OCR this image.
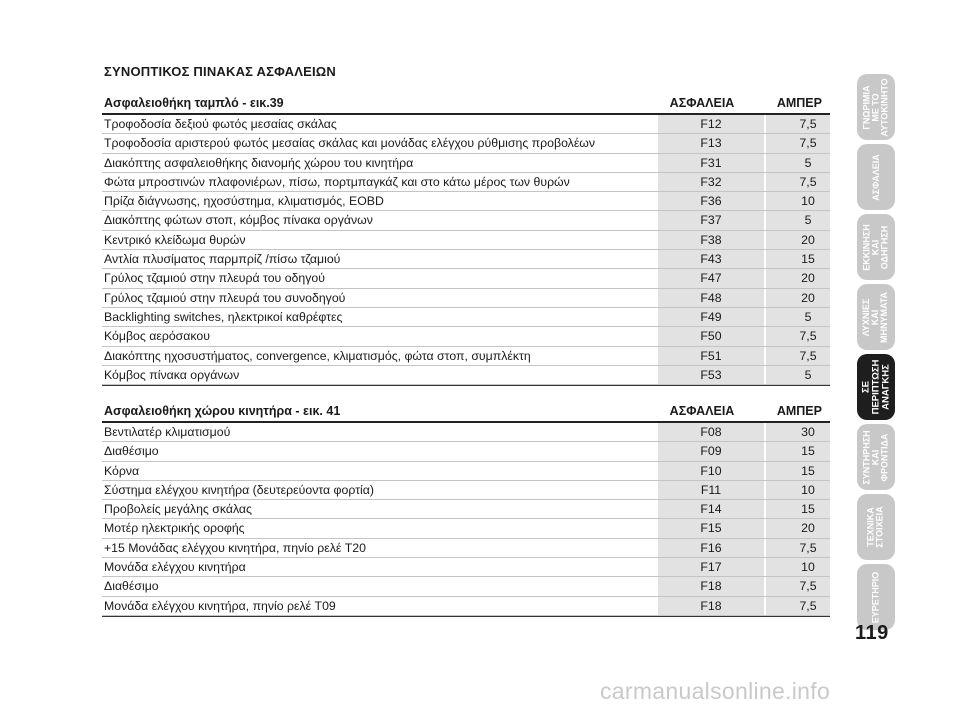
ΣΥΝΟΠΤΙΚΟΣ ΠΙΝΑΚΑΣ ΑΣΦΑΛΕΙΩΝ
Ασφαλειοθήκη ταμπλό - εικ.39	ΑΣΦΑΛΕΙΑ	ΑΜΠΕΡ
Τροφοδοσία δεξιού φωτός μεσαίας σκάλας	F12	7,5
Τροφοδοσία αριστερού φωτός μεσαίας σκάλας και μονάδας ελέγχου ρύθμισης προβολέων	F13	7,5
Διακόπτης ασφαλειοθήκης διανομής χώρου του κινητήρα	F31	5
Φώτα μπροστινών πλαφονιέρων, πίσω, πορτμπαγκάζ και στο κάτω μέρος των θυρών	F32	7,5
Πρίζα διάγνωσης, ηχοσύστημα, κλιματισμός, EOBD	F36	10
Διακόπτης φώτων στοπ, κόμβος πίνακα οργάνων	F37	5
Κεντρικό κλείδωμα θυρών	F38	20
Αντλία πλυσίματος παρμπρίζ /πίσω τζαμιού	F43	15
Γρύλος τζαμιού στην πλευρά του οδηγού	F47	20
Γρύλος τζαμιού στην πλευρά του συνοδηγού	F48	20
Backlighting switches, ηλεκτρικοί καθρέφτες	F49	5
Κόμβος αερόσακου	F50	7,5
Διακόπτης ηχοσυστήματος, convergence, κλιματισμός, φώτα στοπ, συμπλέκτη	F51	7,5
Κόμβος πίνακα οργάνων	F53	5
Ασφαλειοθήκη χώρου κινητήρα - εικ. 41	ΑΣΦΑΛΕΙΑ	ΑΜΠΕΡ
Βεντιλατέρ κλιματισμού	F08	30
Διαθέσιμο	F09	15
Κόρνα	F10	15
Σύστημα ελέγχου κινητήρα (δευτερεύοντα φορτία)	F11	10
Προβολείς μεγάλης σκάλας	F14	15
Μοτέρ ηλεκτρικής οροφής	F15	20
+15 Μονάδας ελέγχου κινητήρα, πηνίο ρελέ T20	F16	7,5
Μονάδα ελέγχου κινητήρα	F17	10
Διαθέσιμο	F18	7,5
Μονάδα ελέγχου κινητήρα, πηνίο ρελέ T09	F18	7,5
ΓΝΩΡΙΜΙΑ
ΜΕ ΤΟ
ΑΥΤΟΚΙΝΗΤΟ
ΑΣΦΑΛΕΙΑ
ΕΚΚΙΝΗΣΗ
ΚΑΙ
ΟΔΗΓΗΣΗ
ΛΥΧΝΙΕΣ
ΚΑΙ
ΜΗΝΥΜΑΤΑ
ΣΕ
ΠΕΡΙΠΤΩΣΗ
ΑΝΑΓΚΗΣ
ΣΥΝΤΗΡΗΣΗ
ΚΑΙ
ΦΡΟΝΤΙΔΑ
ΤΕΧΝΙΚΑ
ΣΤΟΙΧΕΙΑ
ΕΥΡΕΤΗΡΙΟ
119
carmanualsonline.info
